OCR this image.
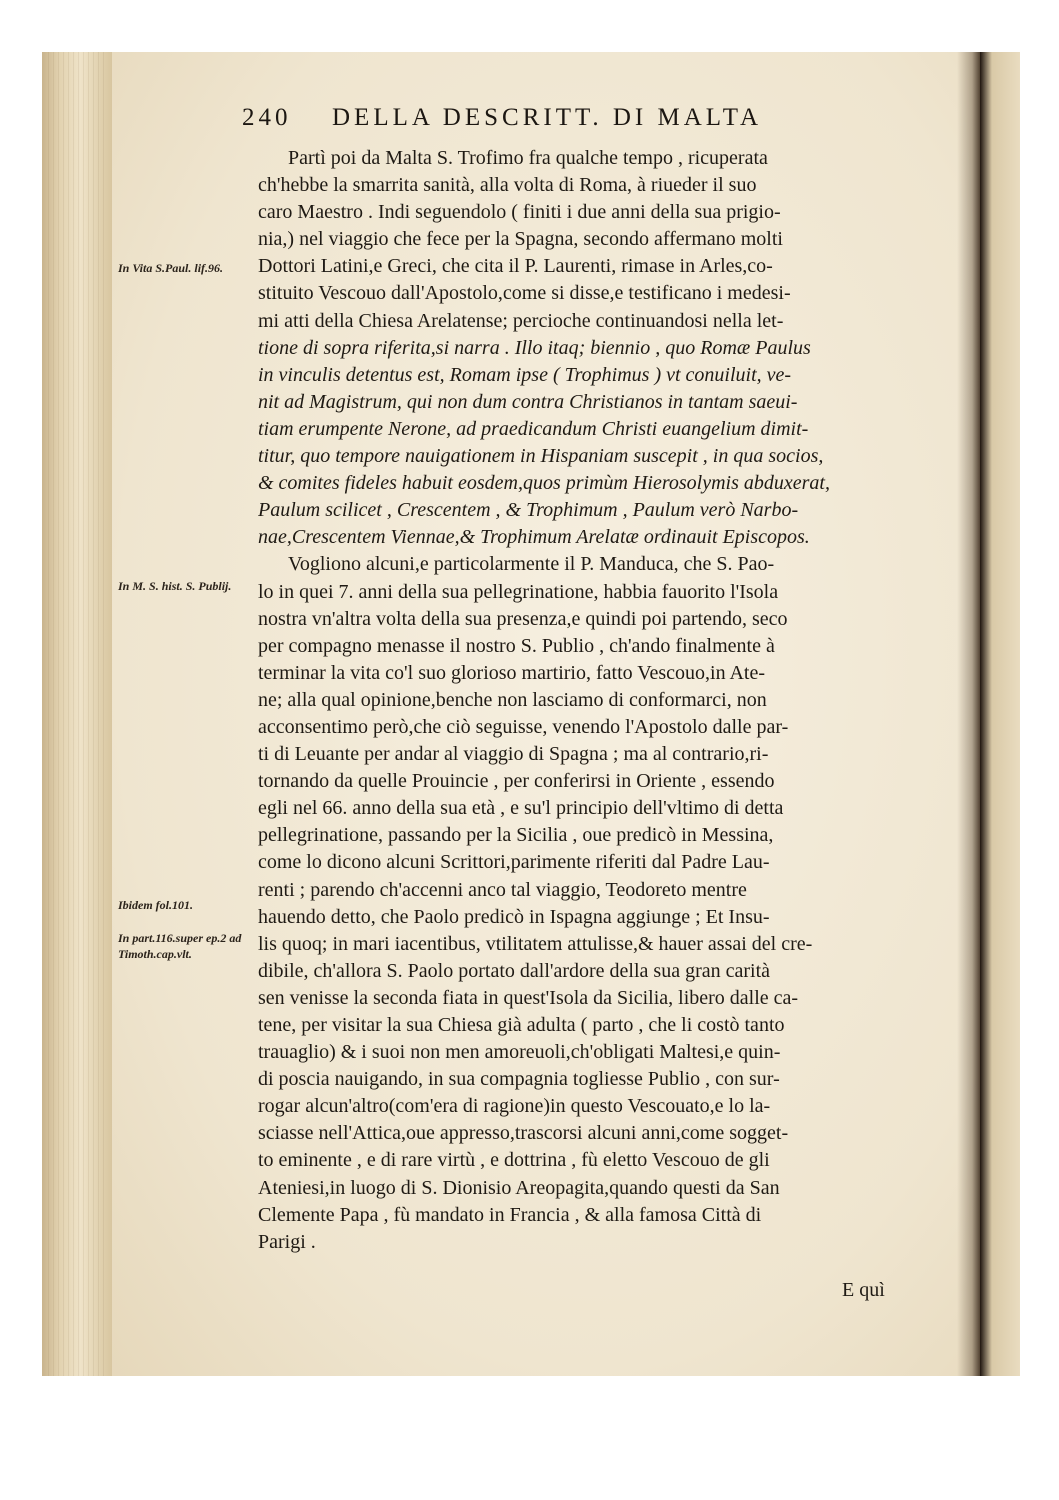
240	DELLA DESCRITT. DI MALTA
In Vita S.Paul. lif.96.
In M. S. hist. S. Publij.
Ibidem fol.101.
In part.116.super ep.2 ad Timoth.cap.vlt.
Partì poi da Malta S. Trofimo fra qualche tempo , ricuperata
ch'hebbe la smarrita sanità, alla volta di Roma, à riueder il suo
caro Maestro . Indi seguendolo ( finiti i due anni della sua prigio-
nia,) nel viaggio che fece per la Spagna, secondo affermano molti
Dottori Latini,e Greci, che cita il P. Laurenti, rimase in Arles,co-
stituito Vescouo dall'Apostolo,come si disse,e testificano i medesi-
mi atti della Chiesa Arelatense; percioche continuandosi nella let-
tione di sopra riferita,si narra . Illo itaq; biennio , quo Romæ Paulus
in vinculis detentus est, Romam ipse ( Trophimus ) vt conuiluit, ve-
nit ad Magistrum, qui non dum contra Christianos in tantam saeui-
tiam erumpente Nerone, ad praedicandum Christi euangelium dimit-
titur, quo tempore nauigationem in Hispaniam suscepit , in qua socios,
& comites fideles habuit eosdem,quos primùm Hierosolymis abduxerat,
Paulum scilicet , Crescentem , & Trophimum , Paulum verò Narbo-
nae,Crescentem Viennae,& Trophimum Arelatæ ordinauit Episcopos.
Vogliono alcuni,e particolarmente il P. Manduca, che S. Pao-
lo in quei 7. anni della sua pellegrinatione, habbia fauorito l'Isola
nostra vn'altra volta della sua presenza,e quindi poi partendo, seco
per compagno menasse il nostro S. Publio , ch'ando finalmente à
terminar la vita co'l suo glorioso martirio, fatto Vescouo,in Ate-
ne; alla qual opinione,benche non lasciamo di conformarci, non
acconsentimo però,che ciò seguisse, venendo l'Apostolo dalle par-
ti di Leuante per andar al viaggio di Spagna ; ma al contrario,ri-
tornando da quelle Prouincie , per conferirsi in Oriente , essendo
egli nel 66. anno della sua età , e su'l principio dell'vltimo di detta
pellegrinatione, passando per la Sicilia , oue predicò in Messina,
come lo dicono alcuni Scrittori,parimente riferiti dal Padre Lau-
renti ; parendo ch'accenni anco tal viaggio, Teodoreto mentre
hauendo detto, che Paolo predicò in Ispagna aggiunge ; Et Insu-
lis quoq; in mari iacentibus, vtilitatem attulisse,& hauer assai del cre-
dibile, ch'allora S. Paolo portato dall'ardore della sua gran carità
sen venisse la seconda fiata in quest'Isola da Sicilia, libero dalle ca-
tene, per visitar la sua Chiesa già adulta ( parto , che li costò tanto
trauaglio) & i suoi non men amoreuoli,ch'obligati Maltesi,e quin-
di poscia nauigando, in sua compagnia togliesse Publio , con sur-
rogar alcun'altro(com'era di ragione)in questo Vescouato,e lo la-
sciasse nell'Attica,oue appresso,trascorsi alcuni anni,come sogget-
to eminente , e di rare virtù , e dottrina , fù eletto Vescouo de gli
Ateniesi,in luogo di S. Dionisio Areopagita,quando questi da San
Clemente Papa , fù mandato in Francia , & alla famosa Città di
Parigi .
E quì
